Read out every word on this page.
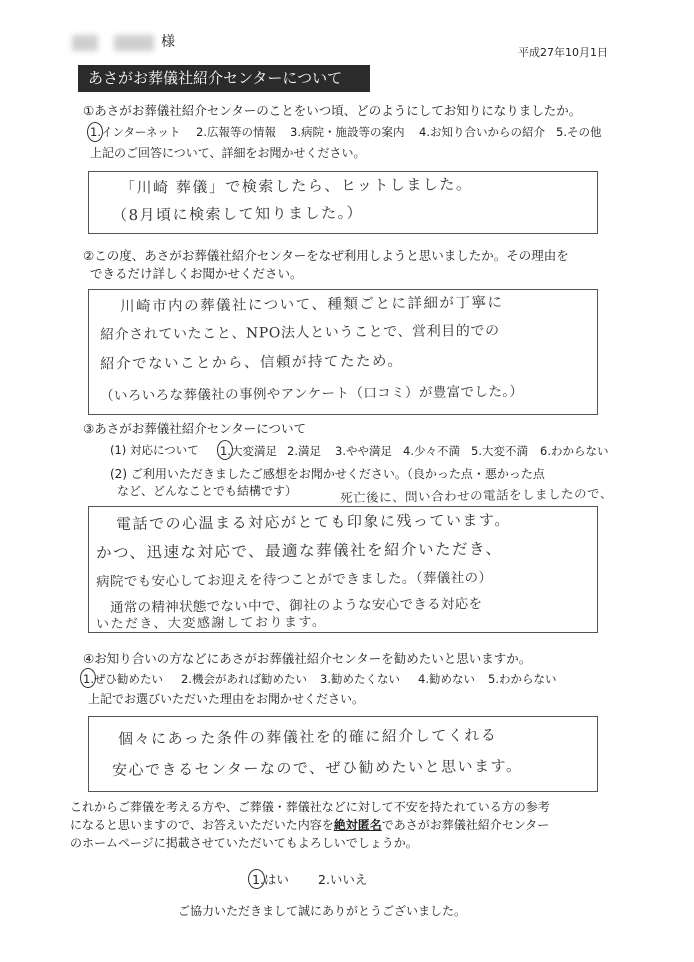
様
平成27年10月1日
あさがお葬儀社紹介センターについて
①あさがお葬儀社紹介センターのことをいつ頃、どのようにしてお知りになりましたか。
1.インターネット 2.広報等の情報 3.病院・施設等の案内 4.お知り合いからの紹介 5.その他
上記のご回答について、詳細をお聞かせください。
「川崎 葬儀」で検索したら、ヒットしました。
（8月頃に検索して知りました。）
②この度、あさがお葬儀社紹介センターをなぜ利用しようと思いましたか。その理由を
できるだけ詳しくお聞かせください。
川崎市内の葬儀社について、種類ごとに詳細が丁寧に
紹介されていたこと、NPO法人ということで、営利目的での
紹介でないことから、信頼が持てたため。
（いろいろな葬儀社の事例やアンケート（口コミ）が豊富でした。）
③あさがお葬儀社紹介センターについて
(1) 対応について 1.大変満足 2.満足 3.やや満足 4.少々不満 5.大変不満 6.わからない
(2) ご利用いただきましたご感想をお聞かせください。（良かった点・悪かった点
など、どんなことでも結構です）	死亡後に、問い合わせの電話をしましたので、
電話での心温まる対応がとても印象に残っています。
かつ、迅速な対応で、最適な葬儀社を紹介いただき、
病院でも安心してお迎えを待つことができました。（葬儀社の）
通常の精神状態でない中で、御社のような安心できる対応を
いただき、大変感謝しております。
④お知り合いの方などにあさがお葬儀社紹介センターを勧めたいと思いますか。
1.ぜひ勧めたい 2.機会があれば勧めたい 3.勧めたくない 4.勧めない 5.わからない
上記でお選びいただいた理由をお聞かせください。
個々にあった条件の葬儀社を的確に紹介してくれる
安心できるセンターなので、ぜひ勧めたいと思います。
これからご葬儀を考える方や、ご葬儀・葬儀社などに対して不安を持たれている方の参考
になると思いますので、お答えいただいた内容を絶対匿名であさがお葬儀社紹介センター
のホームページに掲載させていただいてもよろしいでしょうか。
1.はい 2.いいえ
ご協力いただきまして誠にありがとうございました。
